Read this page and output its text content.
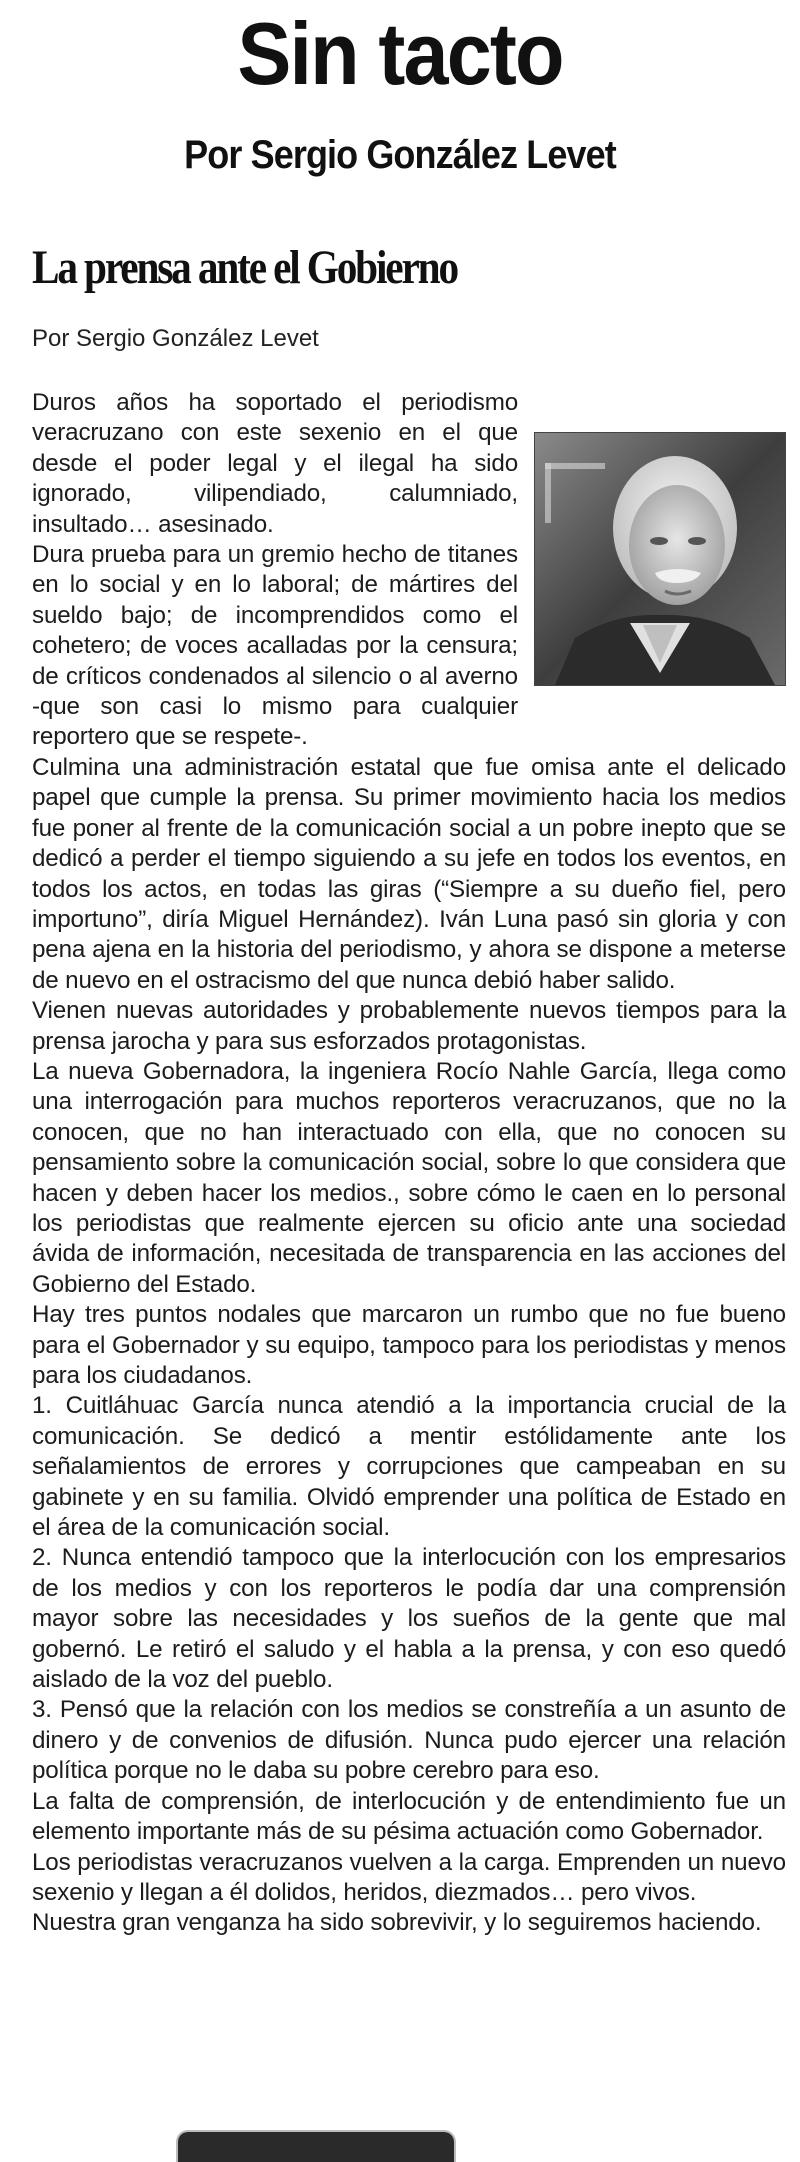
Sin tacto
Por Sergio González Levet
La prensa ante el Gobierno
Por Sergio González Levet

Duros años ha soportado el periodismo veracruzano con este sexenio en el que desde el poder legal y el ilegal ha sido ignorado, vilipendiado, calumniado, insultado… asesinado.

Dura prueba para un gremio hecho de titanes en lo social y en lo laboral; de mártires del sueldo bajo; de incomprendidos como el cohetero; de voces acalladas por la censura; de críticos condenados al silencio o al averno -que son casi lo mismo para cualquier reportero que se respete-.

Culmina una administración estatal que fue omisa ante el delicado papel que cumple la prensa. Su primer movimiento hacia los medios fue poner al frente de la comunicación social a un pobre inepto que se dedicó a perder el tiempo siguiendo a su jefe en todos los eventos, en todos los actos, en todas las giras (“Siempre a su dueño fiel, pero importuno”, diría Miguel Hernández). Iván Luna pasó sin gloria y con pena ajena en la historia del periodismo, y ahora se dispone a meterse de nuevo en el ostracismo del que nunca debió haber salido.

Vienen nuevas autoridades y probablemente nuevos tiempos para la prensa jarocha y para sus esforzados protagonistas.

La nueva Gobernadora, la ingeniera Rocío Nahle García, llega como una interrogación para muchos reporteros veracruzanos, que no la conocen, que no han interactuado con ella, que no conocen su pensamiento sobre la comunicación social, sobre lo que considera que hacen y deben hacer los medios., sobre cómo le caen en lo personal los periodistas que realmente ejercen su oficio ante una sociedad ávida de información, necesitada de transparencia en las acciones del Gobierno del Estado.

Hay tres puntos nodales que marcaron un rumbo que no fue bueno para el Gobernador y su equipo, tampoco para los periodistas y menos para los ciudadanos.

1. Cuitláhuac García nunca atendió a la importancia crucial de la comunicación. Se dedicó a mentir estólidamente ante los señalamientos de errores y corrupciones que campeaban en su gabinete y en su familia. Olvidó emprender una política de Estado en el área de la comunicación social.

2. Nunca entendió tampoco que la interlocución con los empresarios de los medios y con los reporteros le podía dar una comprensión mayor sobre las necesidades y los sueños de la gente que mal gobernó. Le retiró el saludo y el habla a la prensa, y con eso quedó aislado de la voz del pueblo.

3. Pensó que la relación con los medios se constreñía a un asunto de dinero y de convenios de difusión. Nunca pudo ejercer una relación política porque no le daba su pobre cerebro para eso.

La falta de comprensión, de interlocución y de entendimiento fue un elemento importante más de su pésima actuación como Gobernador.

Los periodistas veracruzanos vuelven a la carga. Emprenden un nuevo sexenio y llegan a él dolidos, heridos, diezmados… pero vivos.

Nuestra gran venganza ha sido sobrevivir, y lo seguiremos haciendo.
